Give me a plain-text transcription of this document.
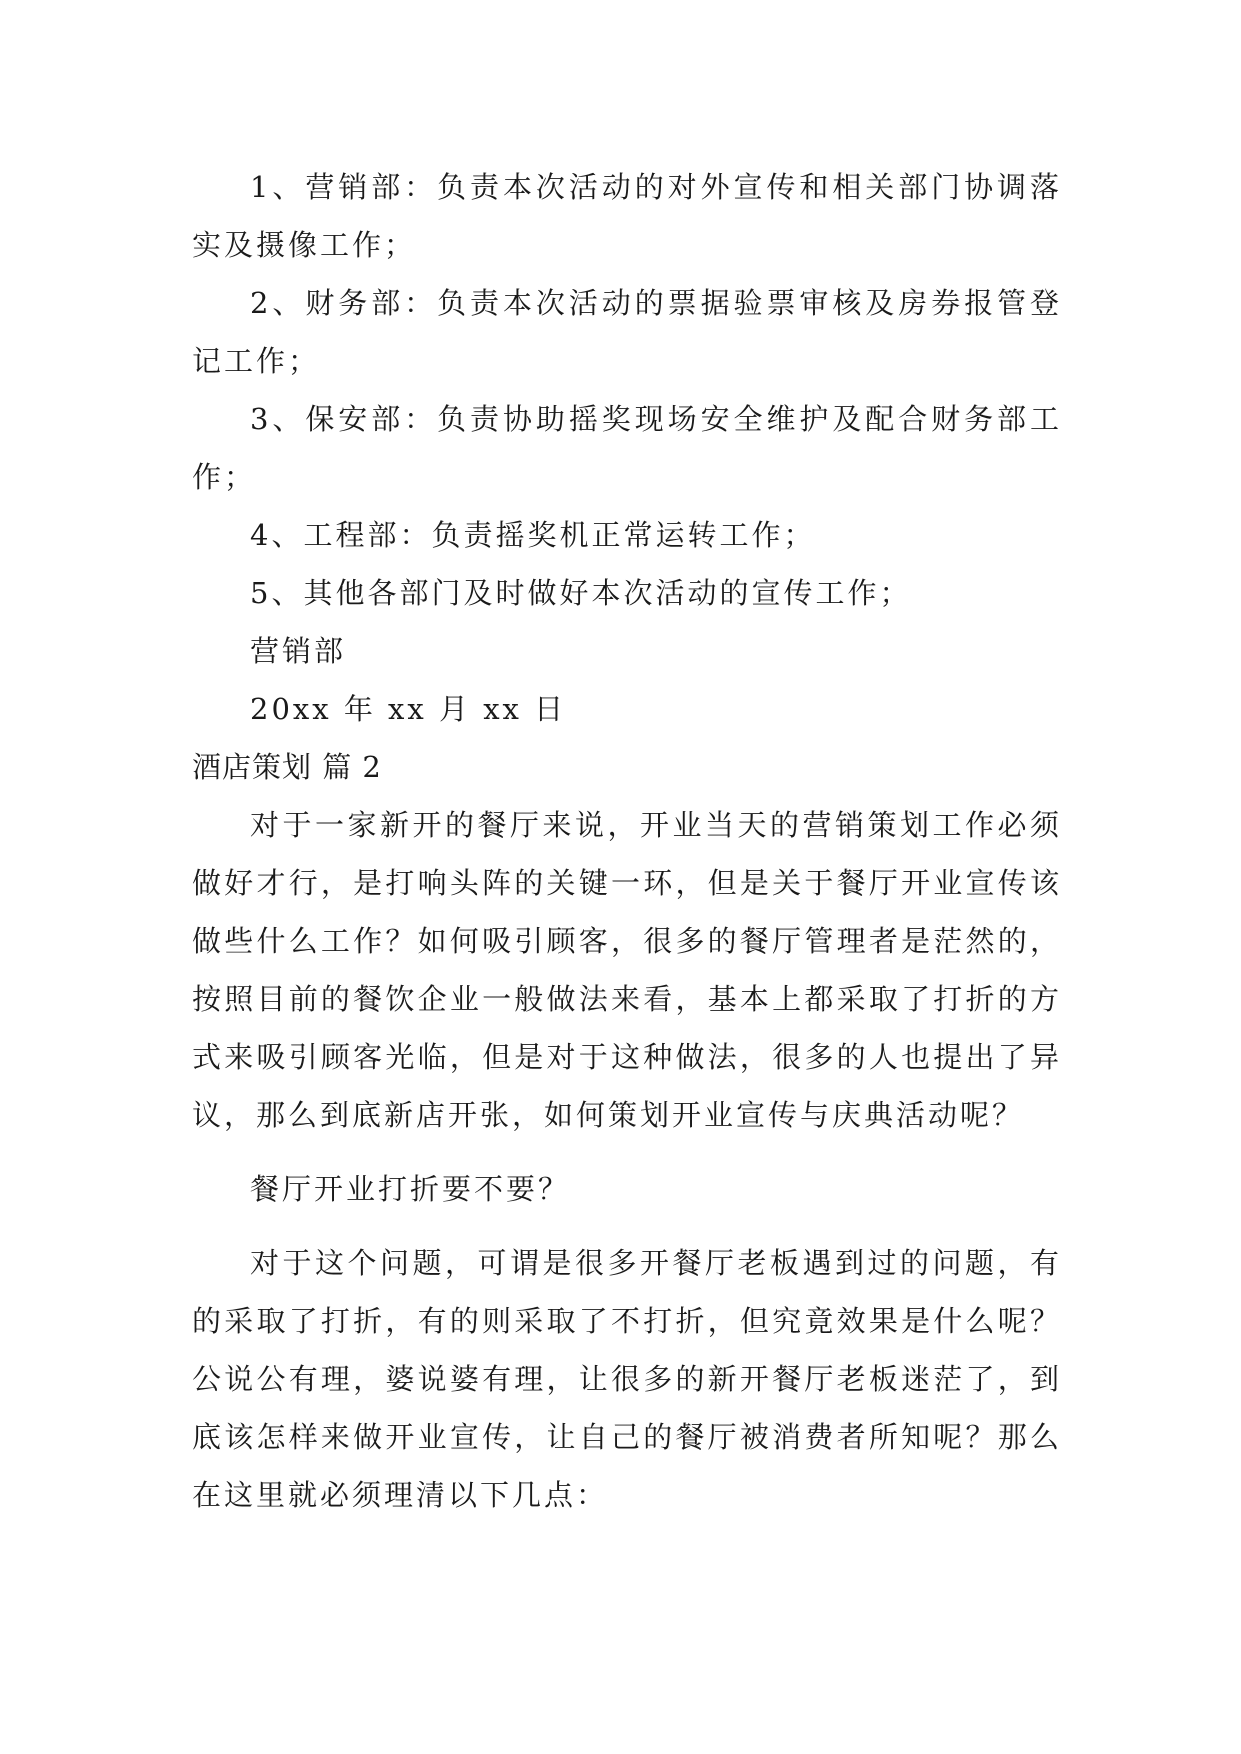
1、营销部：负责本次活动的对外宣传和相关部门协调落实及摄像工作；

2、财务部：负责本次活动的票据验票审核及房券报管登记工作；

3、保安部：负责协助摇奖现场安全维护及配合财务部工作；

4、工程部：负责摇奖机正常运转工作；

5、其他各部门及时做好本次活动的宣传工作；

营销部

20xx 年 xx 月 xx 日

酒店策划 篇 2

对于一家新开的餐厅来说，开业当天的营销策划工作必须做好才行，是打响头阵的关键一环，但是关于餐厅开业宣传该做些什么工作？如何吸引顾客，很多的餐厅管理者是茫然的，按照目前的餐饮企业一般做法来看，基本上都采取了打折的方式来吸引顾客光临，但是对于这种做法，很多的人也提出了异议，那么到底新店开张，如何策划开业宣传与庆典活动呢？

餐厅开业打折要不要？

对于这个问题，可谓是很多开餐厅老板遇到过的问题，有的采取了打折，有的则采取了不打折，但究竟效果是什么呢？公说公有理，婆说婆有理，让很多的新开餐厅老板迷茫了，到底该怎样来做开业宣传，让自己的餐厅被消费者所知呢？那么在这里就必须理清以下几点：
